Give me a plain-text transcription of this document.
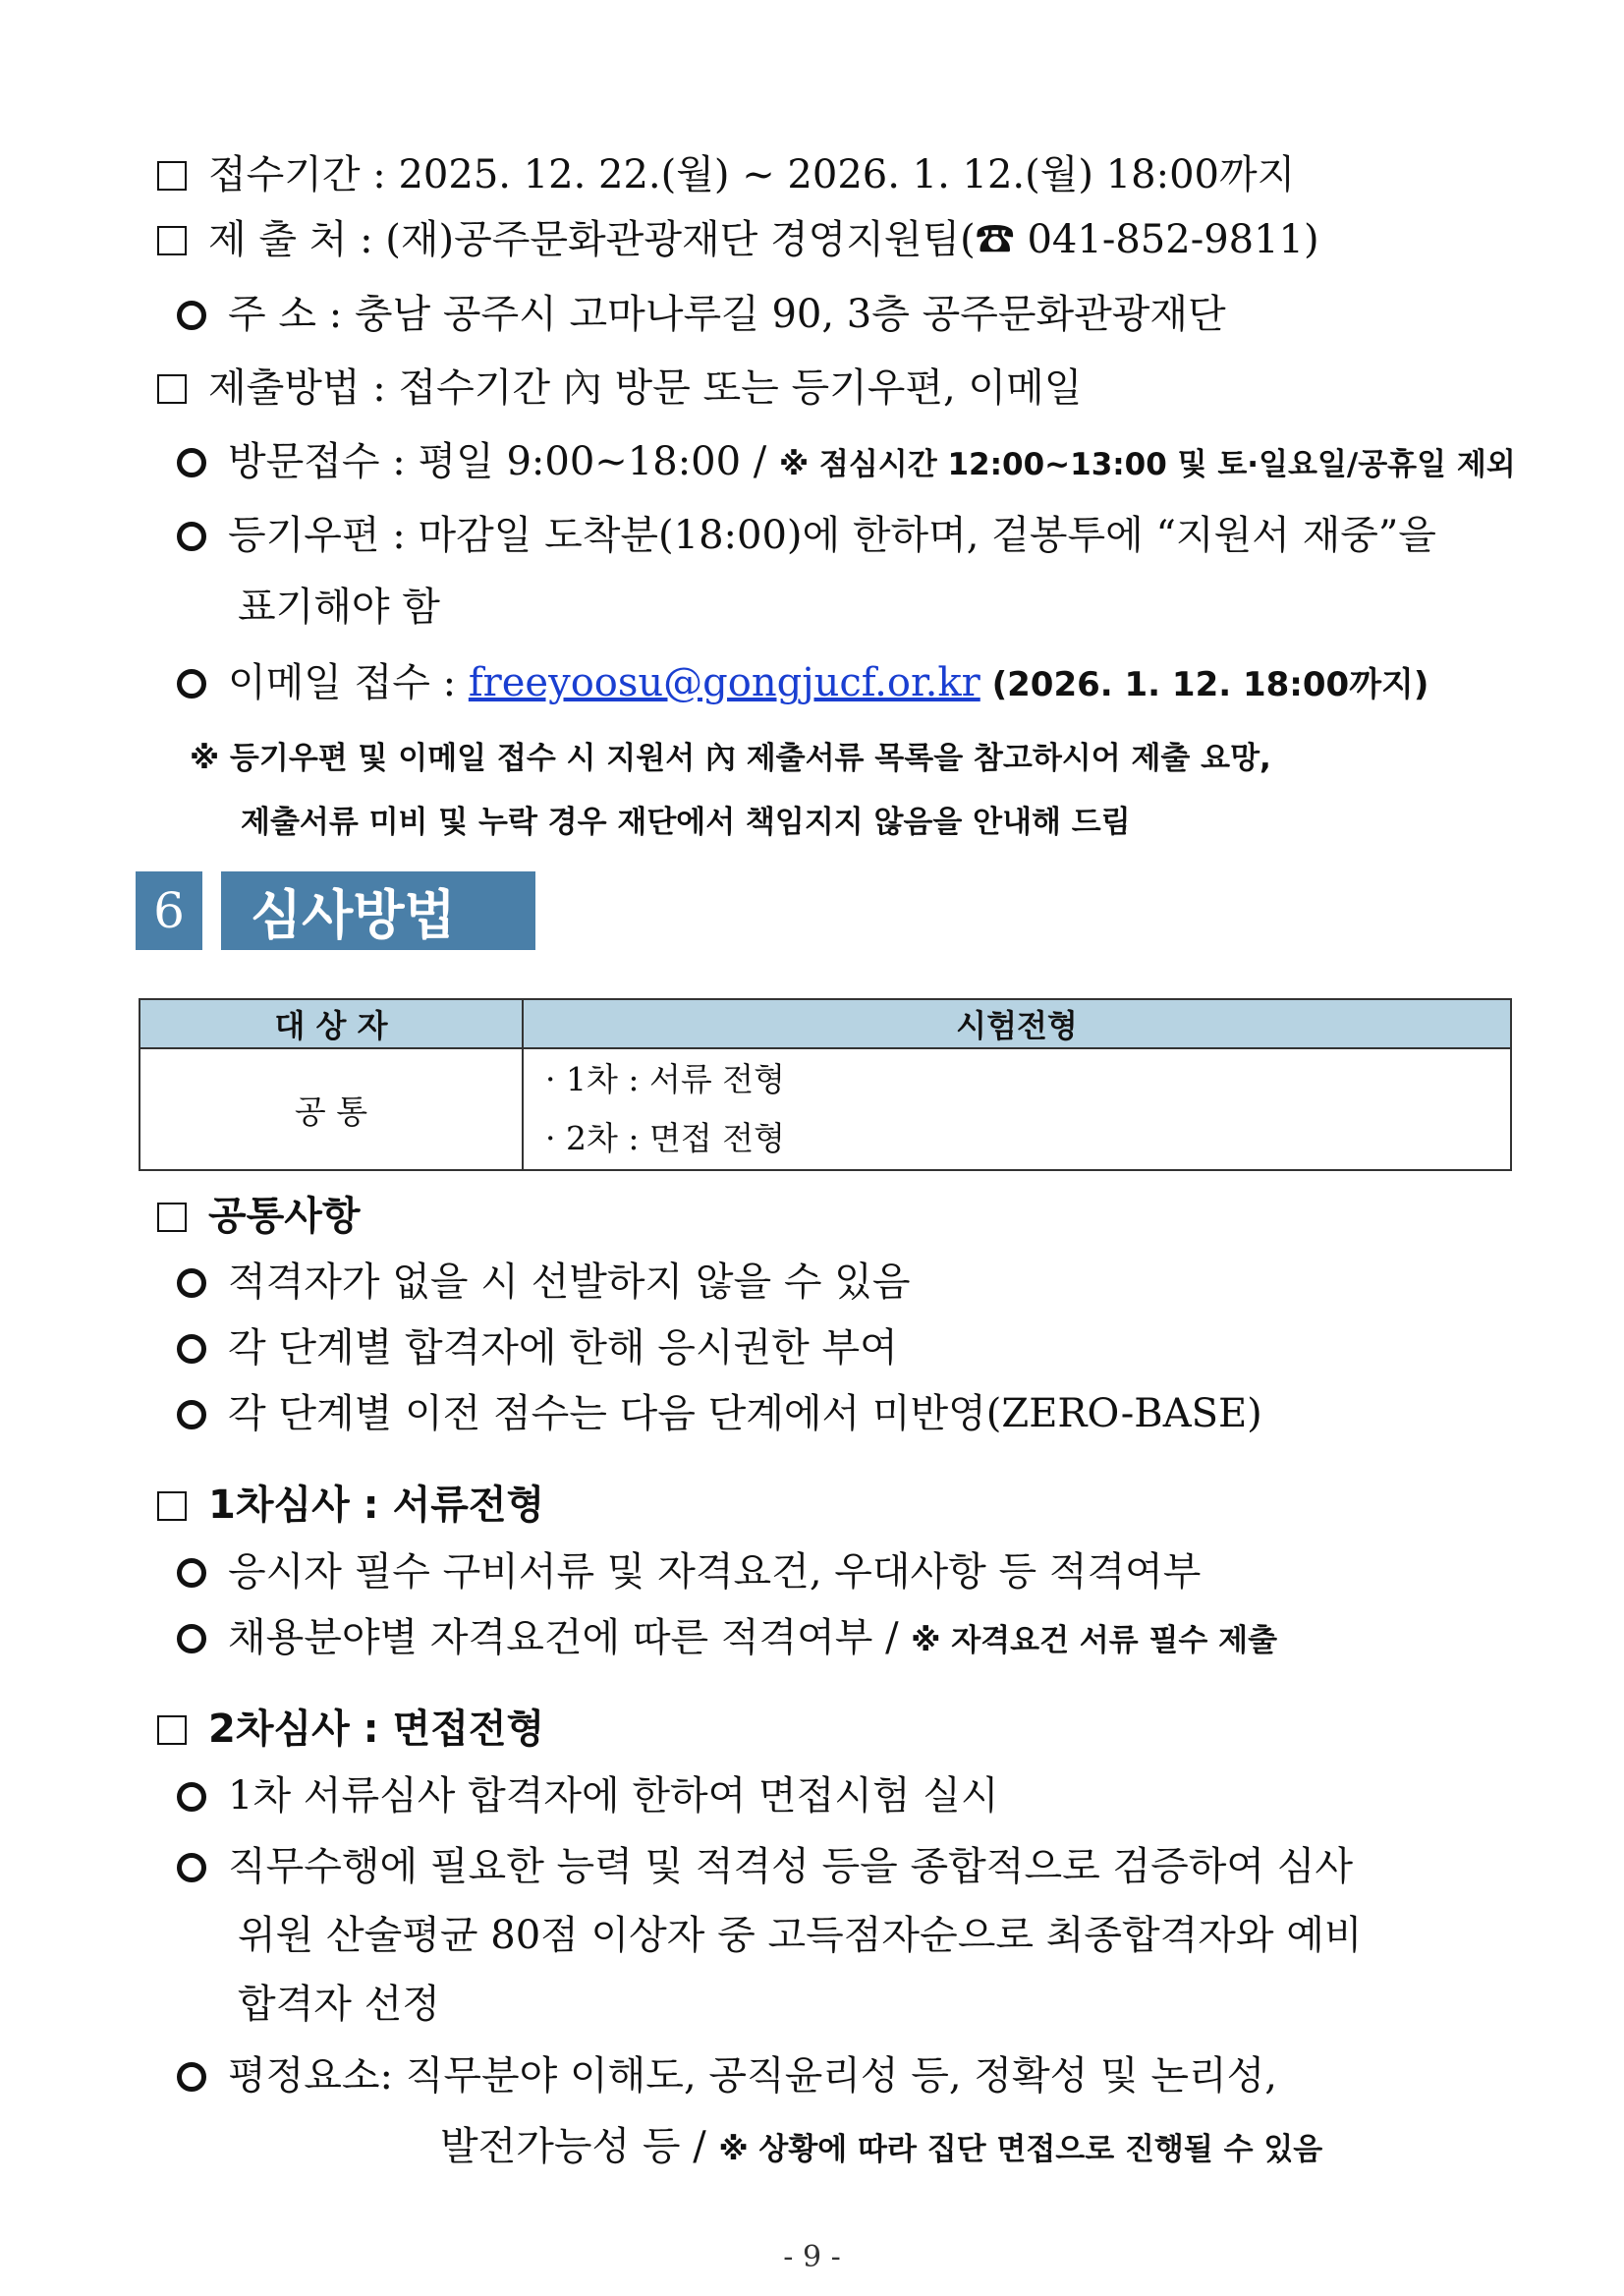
접수기간 : 2025. 12. 22.(월) ~ 2026. 1. 12.(월) 18:00까지
제 출 처 : (재)공주문화관광재단 경영지원팀(☎ 041-852-9811)
주 소 : 충남 공주시 고마나루길 90, 3층 공주문화관광재단
제출방법 : 접수기간 內 방문 또는 등기우편, 이메일
방문접수 : 평일 9:00~18:00 / ※ 점심시간 12:00~13:00 및 토·일요일/공휴일 제외
등기우편 : 마감일 도착분(18:00)에 한하며, 겉봉투에 “지원서 재중”을
표기해야 함
이메일 접수 : freeyoosu@gongjucf.or.kr (2026. 1. 12. 18:00까지)
※ 등기우편 및 이메일 접수 시 지원서 內 제출서류 목록을 참고하시어 제출 요망,
제출서류 미비 및 누락 경우 재단에서 책임지지 않음을 안내해 드림
6	심사방법
대 상 자	시험전형
공 통	· 1차 : 서류 전형
· 2차 : 면접 전형
공통사항
적격자가 없을 시 선발하지 않을 수 있음
각 단계별 합격자에 한해 응시권한 부여
각 단계별 이전 점수는 다음 단계에서 미반영(ZERO-BASE)
1차심사 : 서류전형
응시자 필수 구비서류 및 자격요건, 우대사항 등 적격여부
채용분야별 자격요건에 따른 적격여부 / ※ 자격요건 서류 필수 제출
2차심사 : 면접전형
1차 서류심사 합격자에 한하여 면접시험 실시
직무수행에 필요한 능력 및 적격성 등을 종합적으로 검증하여 심사
위원 산술평균 80점 이상자 중 고득점자순으로 최종합격자와 예비
합격자 선정
평정요소: 직무분야 이해도, 공직윤리성 등, 정확성 및 논리성,
발전가능성 등 / ※ 상황에 따라 집단 면접으로 진행될 수 있음
- 9 -
